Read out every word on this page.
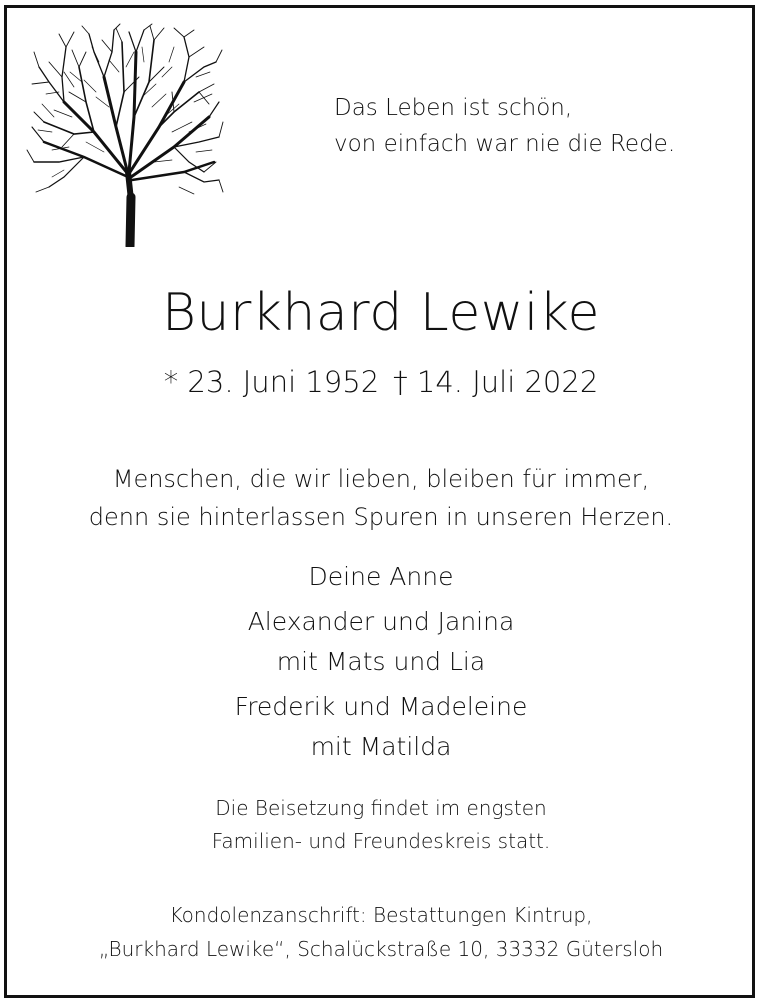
Das Leben ist schön,
von einfach war nie die Rede.
Burkhard Lewike
* 23. Juni 1952 † 14. Juli 2022
Menschen, die wir lieben, bleiben für immer,
denn sie hinterlassen Spuren in unseren Herzen.
Deine Anne
Alexander und Janina
mit Mats und Lia
Frederik und Madeleine
mit Matilda
Die Beisetzung findet im engsten
Familien- und Freundeskreis statt.
Kondolenzanschrift: Bestattungen Kintrup,
„Burkhard Lewike“, Schalückstraße 10, 33332 Gütersloh
